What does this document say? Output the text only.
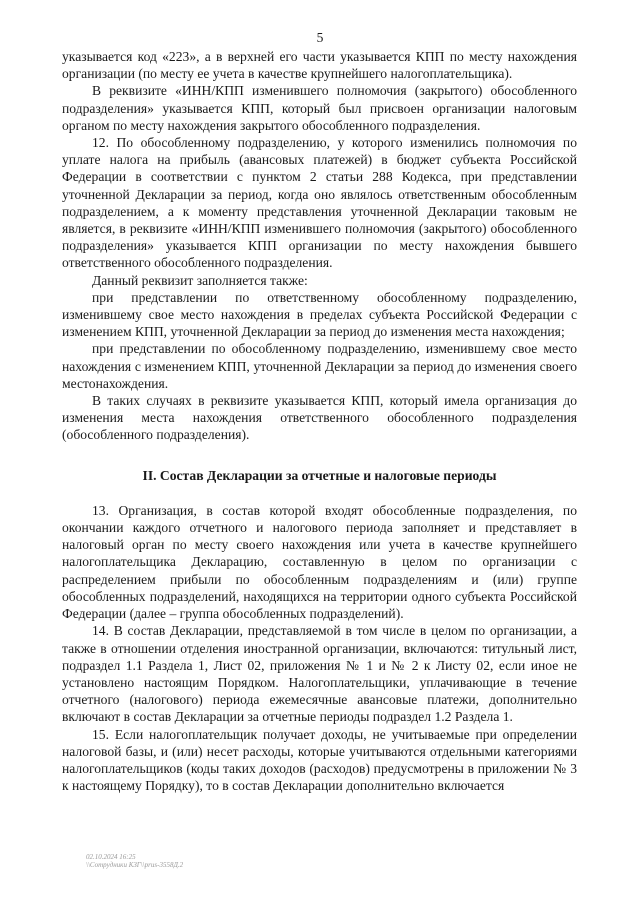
5

указывается код «223», а в верхней его части указывается КПП по месту нахождения организации (по месту ее учета в качестве крупнейшего налогоплательщика).

В реквизите «ИНН/КПП изменившего полномочия (закрытого) обособленного подразделения» указывается КПП, который был присвоен организации налоговым органом по месту нахождения закрытого обособленного подразделения.

12. По обособленному подразделению, у которого изменились полномочия по уплате налога на прибыль (авансовых платежей) в бюджет субъекта Российской Федерации в соответствии с пунктом 2 статьи 288 Кодекса, при представлении уточненной Декларации за период, когда оно являлось ответственным обособленным подразделением, а к моменту представления уточненной Декларации таковым не является, в реквизите «ИНН/КПП изменившего полномочия (закрытого) обособленного подразделения» указывается КПП организации по месту нахождения бывшего ответственного обособленного подразделения.

Данный реквизит заполняется также:

при представлении по ответственному обособленному подразделению, изменившему свое место нахождения в пределах субъекта Российской Федерации с изменением КПП, уточненной Декларации за период до изменения места нахождения;

при представлении по обособленному подразделению, изменившему свое место нахождения с изменением КПП, уточненной Декларации за период до изменения своего местонахождения.

В таких случаях в реквизите указывается КПП, который имела организация до изменения места нахождения ответственного обособленного подразделения (обособленного подразделения).

II. Состав Декларации за отчетные и налоговые периоды

13. Организация, в состав которой входят обособленные подразделения, по окончании каждого отчетного и налогового периода заполняет и представляет в налоговый орган по месту своего нахождения или учета в качестве крупнейшего налогоплательщика Декларацию, составленную в целом по организации с распределением прибыли по обособленным подразделениям и (или) группе обособленных подразделений, находящихся на территории одного субъекта Российской Федерации (далее – группа обособленных подразделений).

14. В состав Декларации, представляемой в том числе в целом по организации, а также в отношении отделения иностранной организации, включаются: титульный лист, подраздел 1.1 Раздела 1, Лист 02, приложения № 1 и № 2 к Листу 02, если иное не установлено настоящим Порядком. Налогоплательщики, уплачивающие в течение отчетного (налогового) периода ежемесячные авансовые платежи, дополнительно включают в состав Декларации за отчетные периоды подраздел 1.2 Раздела 1.

15. Если налогоплательщик получает доходы, не учитываемые при определении налоговой базы, и (или) несет расходы, которые учитываются отдельными категориями налогоплательщиков (коды таких доходов (расходов) предусмотрены в приложении № 3 к настоящему Порядку), то в состав Декларации дополнительно включается

02.10.2024 16:25
\\Сотрудники КЗГ\\prus-3558Д.2
